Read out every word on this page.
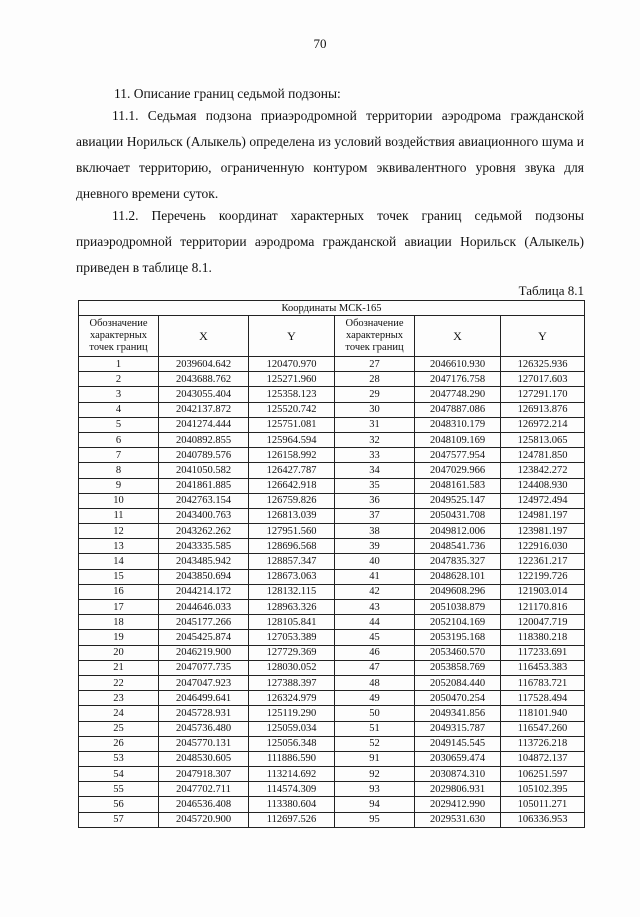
70
11. Описание границ седьмой подзоны:
11.1. Седьмая подзона приаэродромной территории аэродрома гражданской авиации Норильск (Алыкель) определена из условий воздействия авиационного шума и включает территорию, ограниченную контуром эквивалентного уровня звука для дневного времени суток.
11.2. Перечень координат характерных точек границ седьмой подзоны приаэродромной территории аэродрома гражданской авиации Норильск (Алыкель) приведен в таблице 8.1.
Таблица 8.1
Координаты МСК-165					
Обозначение характерных точек границ	X	Y	Обозначение характерных точек границ	X	Y
1	2039604.642	120470.970	27	2046610.930	126325.936
2	2043688.762	125271.960	28	2047176.758	127017.603
3	2043055.404	125358.123	29	2047748.290	127291.170
4	2042137.872	125520.742	30	2047887.086	126913.876
5	2041274.444	125751.081	31	2048310.179	126972.214
6	2040892.855	125964.594	32	2048109.169	125813.065
7	2040789.576	126158.992	33	2047577.954	124781.850
8	2041050.582	126427.787	34	2047029.966	123842.272
9	2041861.885	126642.918	35	2048161.583	124408.930
10	2042763.154	126759.826	36	2049525.147	124972.494
11	2043400.763	126813.039	37	2050431.708	124981.197
12	2043262.262	127951.560	38	2049812.006	123981.197
13	2043335.585	128696.568	39	2048541.736	122916.030
14	2043485.942	128857.347	40	2047835.327	122361.217
15	2043850.694	128673.063	41	2048628.101	122199.726
16	2044214.172	128132.115	42	2049608.296	121903.014
17	2044646.033	128963.326	43	2051038.879	121170.816
18	2045177.266	128105.841	44	2052104.169	120047.719
19	2045425.874	127053.389	45	2053195.168	118380.218
20	2046219.900	127729.369	46	2053460.570	117233.691
21	2047077.735	128030.052	47	2053858.769	116453.383
22	2047047.923	127388.397	48	2052084.440	116783.721
23	2046499.641	126324.979	49	2050470.254	117528.494
24	2045728.931	125119.290	50	2049341.856	118101.940
25	2045736.480	125059.034	51	2049315.787	116547.260
26	2045770.131	125056.348	52	2049145.545	113726.218
53	2048530.605	111886.590	91	2030659.474	104872.137
54	2047918.307	113214.692	92	2030874.310	106251.597
55	2047702.711	114574.309	93	2029806.931	105102.395
56	2046536.408	113380.604	94	2029412.990	105011.271
57	2045720.900	112697.526	95	2029531.630	106336.953
